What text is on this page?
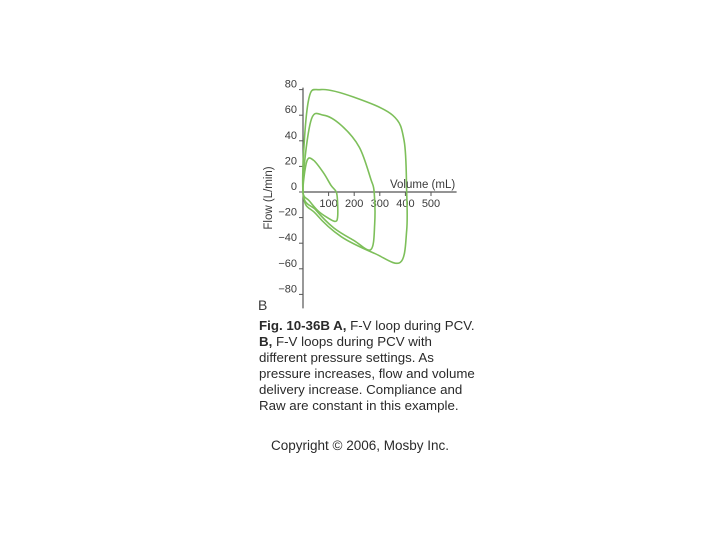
80
60
40
20
0
−20
−40
−60
−80
100 200 300 400 500
Flow (L/min)	Volume (mL)
B
Fig. 10-36B A, F-V loop during PCV. B, F-V loops during PCV with different pressure settings. As pressure increases, flow and volume delivery increase. Compliance and Raw are constant in this example.
Copyright © 2006, Mosby Inc.
